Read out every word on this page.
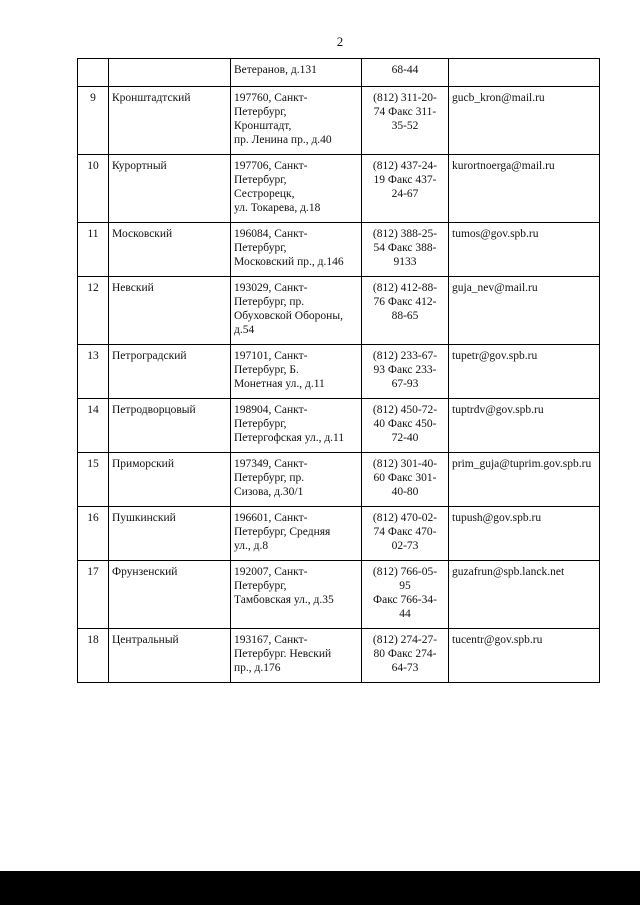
2

		Ветеранов, д.131	68-44	

9	Кронштадтский	197760, Санкт-
Петербург,
Кронштадт,
пр. Ленина пр., д.40	(812) 311-20-
74 Факс 311-
35-52	gucb_kron@mail.ru
10	Курортный	197706, Санкт-
Петербург,
Сестрорецк,
ул. Токарева, д.18	(812) 437-24-
19 Факс 437-
24-67	kurortnoerga@mail.ru
11	Московский	196084, Санкт-
Петербург,
Московский пр., д.146	(812) 388-25-
54 Факс 388-
9133	tumos@gov.spb.ru
12	Невский	193029, Санкт-
Петербург, пр.
Обуховской Обороны,
д.54	(812) 412-88-
76 Факс 412-
88-65	guja_nev@mail.ru
13	Петроградский	197101, Санкт-
Петербург, Б.
Монетная ул., д.11	(812) 233-67-
93 Факс 233-
67-93	tupetr@gov.spb.ru
14	Петродворцовый	198904, Санкт-
Петербург,
Петергофская ул., д.11	(812) 450-72-
40 Факс 450-
72-40	tuptrdv@gov.spb.ru
15	Приморский	197349, Санкт-
Петербург, пр.
Сизова, д.30/1	(812) 301-40-
60 Факс 301-
40-80	prim_guja@tuprim.gov.spb.ru
16	Пушкинский	196601, Санкт-
Петербург, Средняя
ул., д.8	(812) 470-02-
74 Факс 470-
02-73	tupush@gov.spb.ru
17	Фрунзенский	192007, Санкт-
Петербург,
Тамбовская ул., д.35	(812) 766-05-
95
Факс 766-34-
44	guzafrun@spb.lanck.net
18	Центральный	193167, Санкт-
Петербург. Невский
пр., д.176	(812) 274-27-
80 Факс 274-
64-73	tucentr@gov.spb.ru
